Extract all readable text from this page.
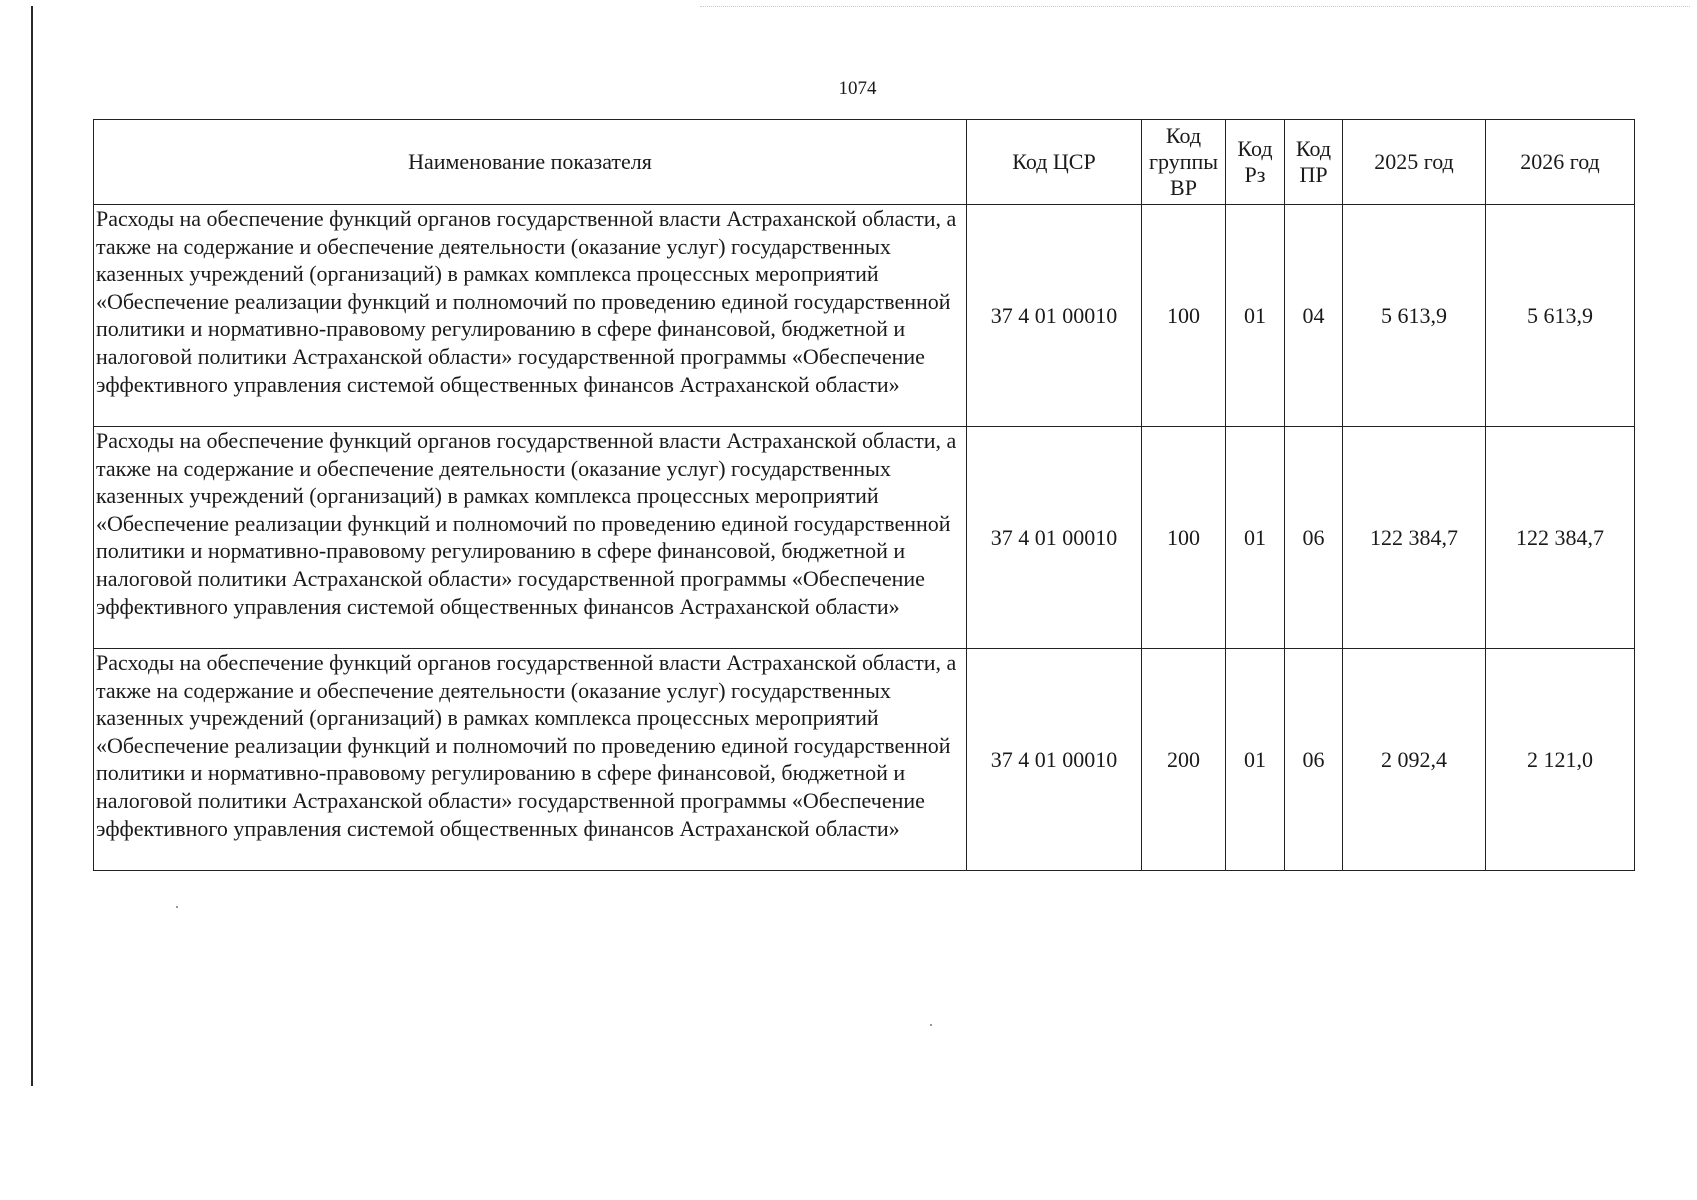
1074
Наименование показателя	Код ЦСР	Код группы ВР	Код Рз	Код ПР	2025 год	2026 год
Расходы на обеспечение функций органов государственной власти Астраханской области, а также на содержание и обеспечение деятельности (оказание услуг) государственных казенных учреждений (организаций) в рамках комплекса процессных мероприятий «Обеспечение реализации функций и полномочий по проведению единой государственной политики и нормативно-правовому регулированию в сфере финансовой, бюджетной и налоговой политики Астраханской области» государственной программы «Обеспечение эффективного управления системой общественных финансов Астраханской области»	37 4 01 00010	100	01	04	5 613,9	5 613,9
Расходы на обеспечение функций органов государственной власти Астраханской области, а также на содержание и обеспечение деятельности (оказание услуг) государственных казенных учреждений (организаций) в рамках комплекса процессных мероприятий «Обеспечение реализации функций и полномочий по проведению единой государственной политики и нормативно-правовому регулированию в сфере финансовой, бюджетной и налоговой политики Астраханской области» государственной программы «Обеспечение эффективного управления системой общественных финансов Астраханской области»	37 4 01 00010	100	01	06	122 384,7	122 384,7
Расходы на обеспечение функций органов государственной власти Астраханской области, а также на содержание и обеспечение деятельности (оказание услуг) государственных казенных учреждений (организаций) в рамках комплекса процессных мероприятий «Обеспечение реализации функций и полномочий по проведению единой государственной политики и нормативно-правовому регулированию в сфере финансовой, бюджетной и налоговой политики Астраханской области» государственной программы «Обеспечение эффективного управления системой общественных финансов Астраханской области»	37 4 01 00010	200	01	06	2 092,4	2 121,0
